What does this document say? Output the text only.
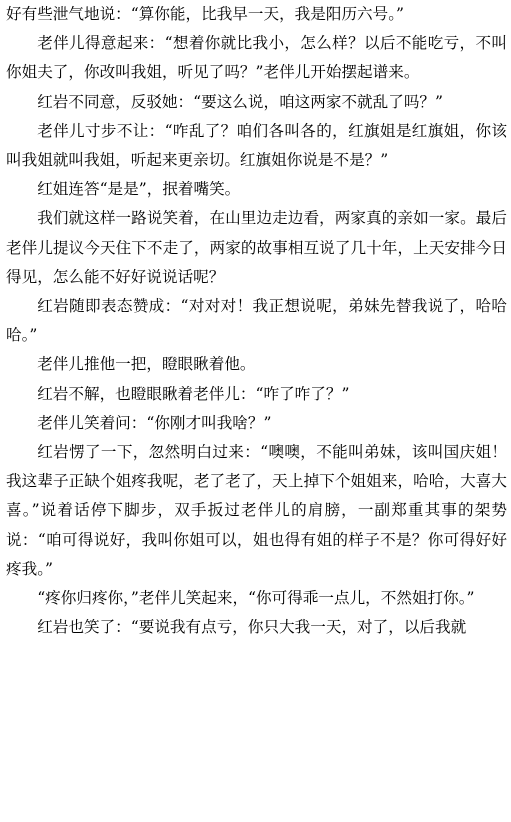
好有些泄气地说：“算你能，比我早一天，我是阳历六号。”

老伴儿得意起来：“想着你就比我小，怎么样？以后不能吃亏，不叫你姐夫了，你改叫我姐，听见了吗？”老伴儿开始摆起谱来。

红岩不同意，反驳她：“要这么说，咱这两家不就乱了吗？”

老伴儿寸步不让：“咋乱了？咱们各叫各的，红旗姐是红旗姐，你该叫我姐就叫我姐，听起来更亲切。红旗姐你说是不是？”

红姐连答“是是”，抿着嘴笑。

我们就这样一路说笑着，在山里边走边看，两家真的亲如一家。最后老伴儿提议今天住下不走了，两家的故事相互说了几十年，上天安排今日得见，怎么能不好好说说话呢？

红岩随即表态赞成：“对对对！我正想说呢，弟妹先替我说了，哈哈哈。”

老伴儿推他一把，瞪眼瞅着他。

红岩不解，也瞪眼瞅着老伴儿：“咋了咋了？”

老伴儿笑着问：“你刚才叫我啥？”

红岩愣了一下，忽然明白过来：“噢噢，不能叫弟妹，该叫国庆姐！我这辈子正缺个姐疼我呢，老了老了，天上掉下个姐姐来，哈哈，大喜大喜。”说着话停下脚步，双手扳过老伴儿的肩膀，一副郑重其事的架势说：“咱可得说好，我叫你姐可以，姐也得有姐的样子不是？你可得好好疼我。”

“疼你归疼你，”老伴儿笑起来，“你可得乖一点儿，不然姐打你。”

红岩也笑了：“要说我有点亏，你只大我一天，对了，以后我就
